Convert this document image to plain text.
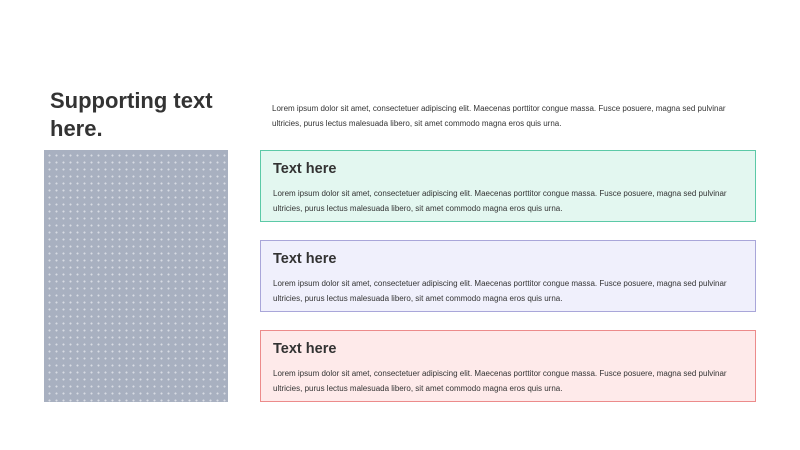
Supporting text here.

Lorem ipsum dolor sit amet, consectetuer adipiscing elit. Maecenas porttitor congue massa. Fusce posuere, magna sed pulvinar ultricies, purus lectus malesuada libero, sit amet commodo magna eros quis urna.

Text here

Lorem ipsum dolor sit amet, consectetuer adipiscing elit. Maecenas porttitor congue massa. Fusce posuere, magna sed pulvinar ultricies, purus lectus malesuada libero, sit amet commodo magna eros quis urna.

Text here

Lorem ipsum dolor sit amet, consectetuer adipiscing elit. Maecenas porttitor congue massa. Fusce posuere, magna sed pulvinar ultricies, purus lectus malesuada libero, sit amet commodo magna eros quis urna.

Text here

Lorem ipsum dolor sit amet, consectetuer adipiscing elit. Maecenas porttitor congue massa. Fusce posuere, magna sed pulvinar ultricies, purus lectus malesuada libero, sit amet commodo magna eros quis urna.
